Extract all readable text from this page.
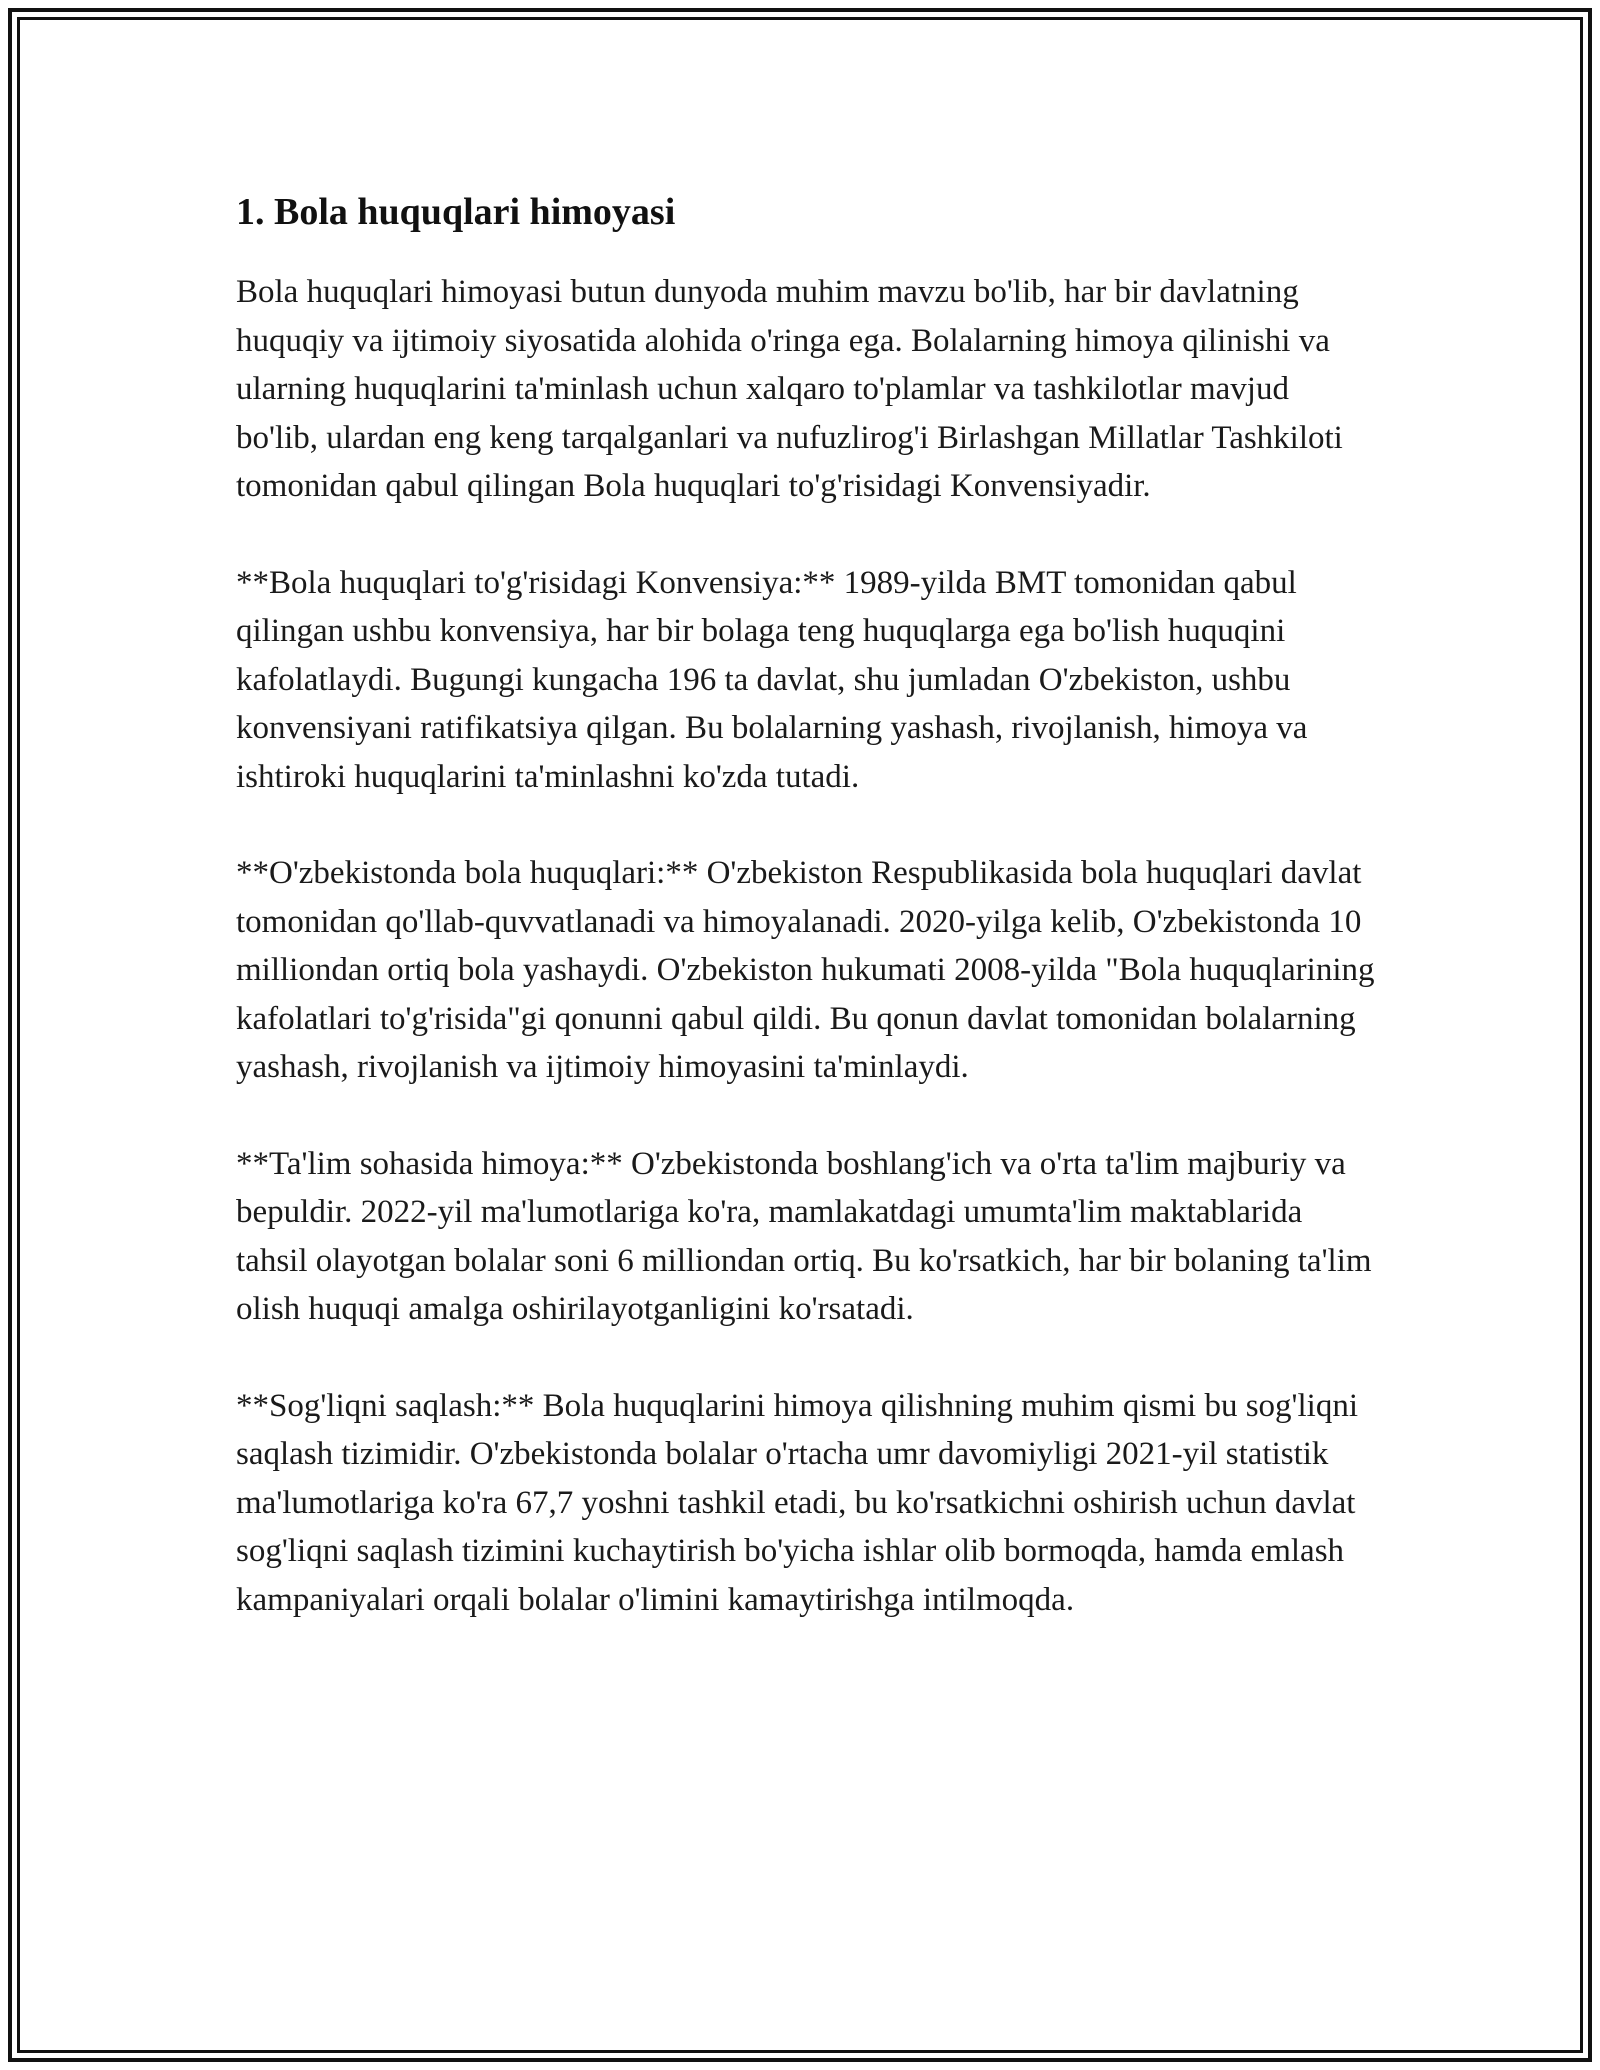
1. Bola huquqlari himoyasi

Bola huquqlari himoyasi butun dunyoda muhim mavzu bo'lib, har bir davlatning huquqiy va ijtimoiy siyosatida alohida o'ringa ega. Bolalarning himoya qilinishi va ularning huquqlarini ta'minlash uchun xalqaro to'plamlar va tashkilotlar mavjud bo'lib, ulardan eng keng tarqalganlari va nufuzlirog'i Birlashgan Millatlar Tashkiloti tomonidan qabul qilingan Bola huquqlari to'g'risidagi Konvensiyadir.

**Bola huquqlari to'g'risidagi Konvensiya:** 1989-yilda BMT tomonidan qabul qilingan ushbu konvensiya, har bir bolaga teng huquqlarga ega bo'lish huquqini kafolatlaydi. Bugungi kungacha 196 ta davlat, shu jumladan O'zbekiston, ushbu konvensiyani ratifikatsiya qilgan. Bu bolalarning yashash, rivojlanish, himoya va ishtiroki huquqlarini ta'minlashni ko'zda tutadi.

**O'zbekistonda bola huquqlari:** O'zbekiston Respublikasida bola huquqlari davlat tomonidan qo'llab-quvvatlanadi va himoyalanadi. 2020-yilga kelib, O'zbekistonda 10 milliondan ortiq bola yashaydi. O'zbekiston hukumati 2008-yilda "Bola huquqlarining kafolatlari to'g'risida"gi qonunni qabul qildi. Bu qonun davlat tomonidan bolalarning yashash, rivojlanish va ijtimoiy himoyasini ta'minlaydi.

**Ta'lim sohasida himoya:** O'zbekistonda boshlang'ich va o'rta ta'lim majburiy va bepuldir. 2022-yil ma'lumotlariga ko'ra, mamlakatdagi umumta'lim maktablarida tahsil olayotgan bolalar soni 6 milliondan ortiq. Bu ko'rsatkich, har bir bolaning ta'lim olish huquqi amalga oshirilayotganligini ko'rsatadi.

**Sog'liqni saqlash:** Bola huquqlarini himoya qilishning muhim qismi bu sog'liqni saqlash tizimidir. O'zbekistonda bolalar o'rtacha umr davomiyligi 2021-yil statistik ma'lumotlariga ko'ra 67,7 yoshni tashkil etadi, bu ko'rsatkichni oshirish uchun davlat sog'liqni saqlash tizimini kuchaytirish bo'yicha ishlar olib bormoqda, hamda emlash kampaniyalari orqali bolalar o'limini kamaytirishga intilmoqda.
